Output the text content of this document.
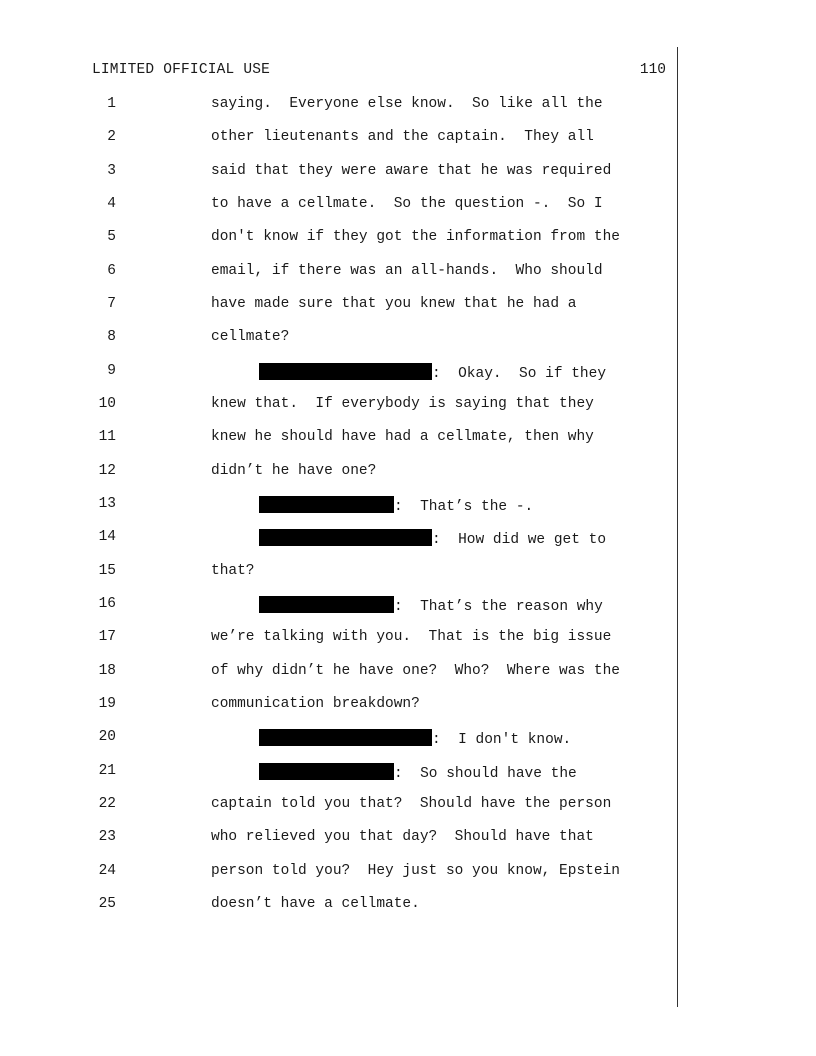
LIMITED OFFICIAL USE	110
1	saying.  Everyone else know.  So like all the
2	other lieutenants and the captain.  They all
3	said that they were aware that he was required
4	to have a cellmate.  So the question -.  So I
5	don't know if they got the information from the
6	email, if there was an all-hands.  Who should
7	have made sure that you knew that he had a
8	cellmate?
9	:  Okay.  So if they
10	knew that.  If everybody is saying that they
11	knew he should have had a cellmate, then why
12	didn’t he have one?
13	:  That’s the -.
14	:  How did we get to
15	that?
16	:  That’s the reason why
17	we’re talking with you.  That is the big issue
18	of why didn’t he have one?  Who?  Where was the
19	communication breakdown?
20	:  I don't know.
21	:  So should have the
22	captain told you that?  Should have the person
23	who relieved you that day?  Should have that
24	person told you?  Hey just so you know, Epstein
25	doesn’t have a cellmate.
